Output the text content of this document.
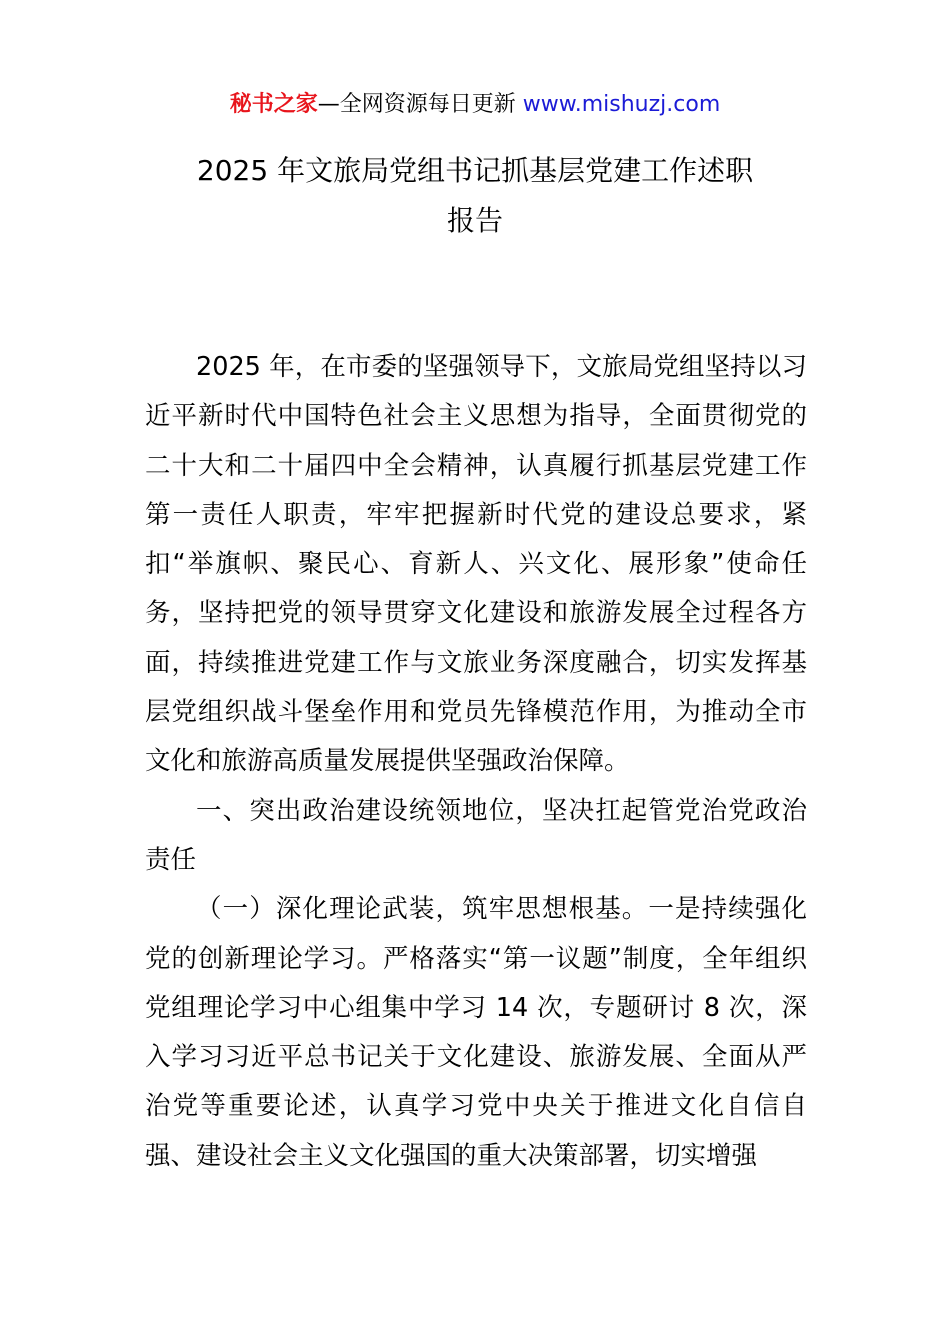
秘书之家—全网资源每日更新 www.mishuzj.com
2025 年文旅局党组书记抓基层党建工作述职
报告

2025 年，在市委的坚强领导下，文旅局党组坚持以习近平新时代中国特色社会主义思想为指导，全面贯彻党的二十大和二十届四中全会精神，认真履行抓基层党建工作第一责任人职责，牢牢把握新时代党的建设总要求，紧扣“举旗帜、聚民心、育新人、兴文化、展形象”使命任务，坚持把党的领导贯穿文化建设和旅游发展全过程各方面，持续推进党建工作与文旅业务深度融合，切实发挥基层党组织战斗堡垒作用和党员先锋模范作用，为推动全市文化和旅游高质量发展提供坚强政治保障。

一、突出政治建设统领地位，坚决扛起管党治党政治责任

（一）深化理论武装，筑牢思想根基。一是持续强化党的创新理论学习。严格落实“第一议题”制度，全年组织党组理论学习中心组集中学习 14 次，专题研讨 8 次，深入学习习近平总书记关于文化建设、旅游发展、全面从严治党等重要论述，认真学习党中央关于推进文化自信自强、建设社会主义文化强国的重大决策部署，切实增强
